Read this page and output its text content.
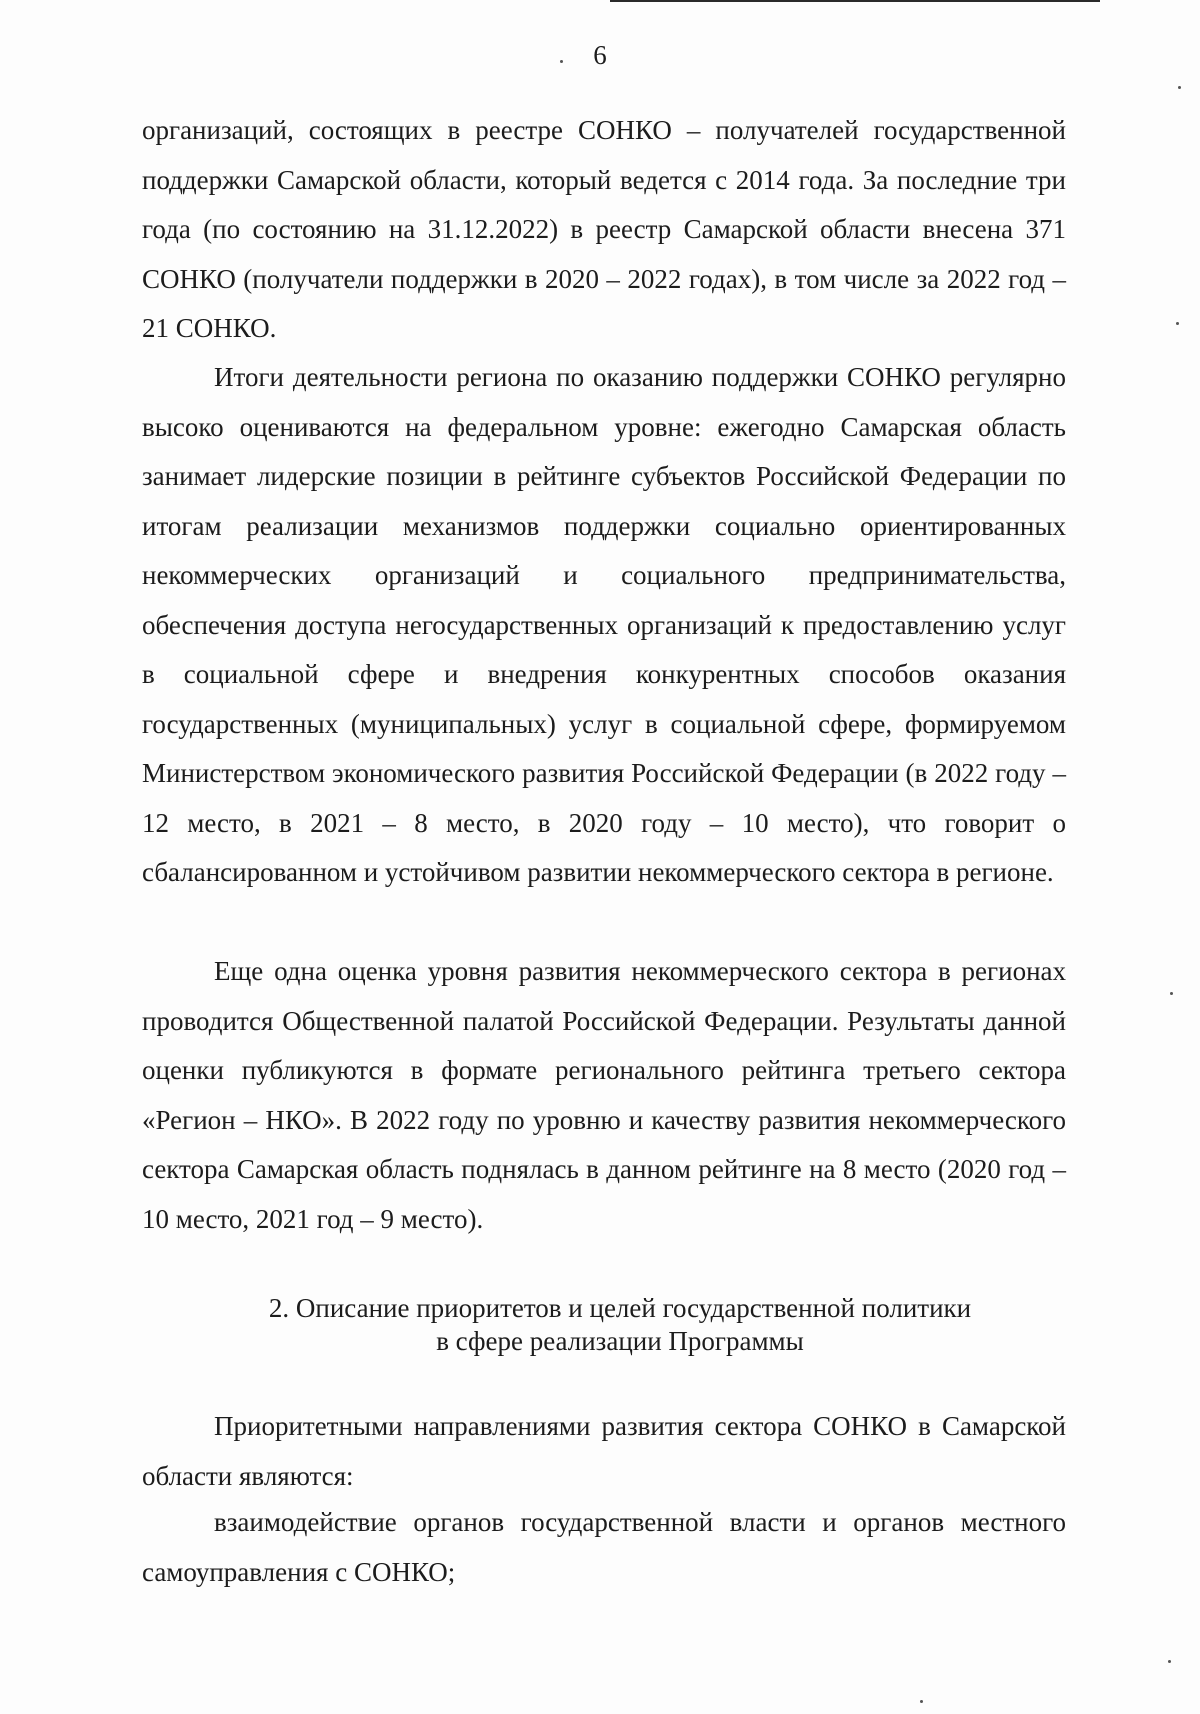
6

организаций, состоящих в реестре СОНКО – получателей государственной поддержки Самарской области, который ведется с 2014 года. За последние три года (по состоянию на 31.12.2022) в реестр Самарской области внесена 371 СОНКО (получатели поддержки в 2020 – 2022 годах), в том числе за 2022 год – 21 СОНКО.

Итоги деятельности региона по оказанию поддержки СОНКО регулярно высоко оцениваются на федеральном уровне: ежегодно Самарская область занимает лидерские позиции в рейтинге субъектов Российской Федерации по итогам реализации механизмов поддержки социально ориентированных некоммерческих организаций и социального предпринимательства, обеспечения доступа негосударственных организаций к предоставлению услуг в социальной сфере и внедрения конкурентных способов оказания государственных (муниципальных) услуг в социальной сфере, формируемом Министерством экономического развития Российской Федерации (в 2022 году – 12 место, в 2021 – 8 место, в 2020 году – 10 место), что говорит о сбалансированном и устойчивом развитии некоммерческого сектора в регионе.

Еще одна оценка уровня развития некоммерческого сектора в регионах проводится Общественной палатой Российской Федерации. Результаты данной оценки публикуются в формате регионального рейтинга третьего сектора «Регион – НКО». В 2022 году по уровню и качеству развития некоммерческого сектора Самарская область поднялась в данном рейтинге на 8 место (2020 год – 10 место, 2021 год – 9 место).

2. Описание приоритетов и целей государственной политики
в сфере реализации Программы

Приоритетными направлениями развития сектора СОНКО в Самарской области являются:

взаимодействие органов государственной власти и органов местного самоуправления с СОНКО;
